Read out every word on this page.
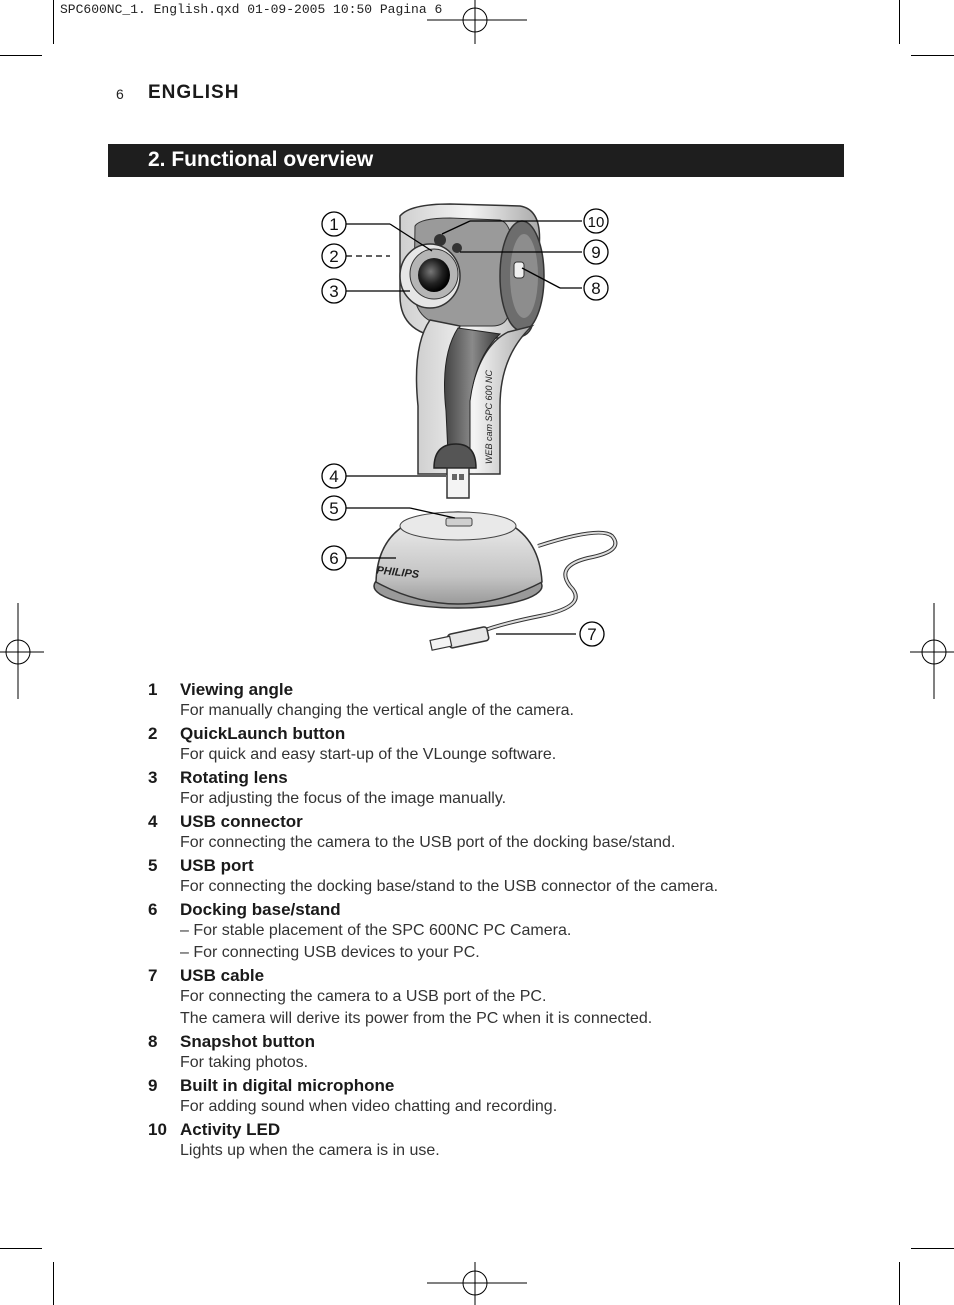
SPC600NC_1. English.qxd 01-09-2005 10:50 Pagina 6
6 ENGLISH
2. Functional overview
WEB cam SPC 600 NC
PHILIPS
1
2
3
4
5
6
7
8
9
10
1	Viewing angle
For manually changing the vertical angle of the camera.
2	QuickLaunch button
For quick and easy start-up of the VLounge software.
3	Rotating lens
For adjusting the focus of the image manually.
4	USB connector
For connecting the camera to the USB port of the docking base/stand.
5	USB port
For connecting the docking base/stand to the USB connector of the camera.
6	Docking base/stand
– For stable placement of the SPC 600NC PC Camera.
– For connecting USB devices to your PC.
7	USB cable
For connecting the camera to a USB port of the PC.
The camera will derive its power from the PC when it is connected.
8	Snapshot button
For taking photos.
9	Built in digital microphone
For adding sound when video chatting and recording.
10 Activity LED
Lights up when the camera is in use.
